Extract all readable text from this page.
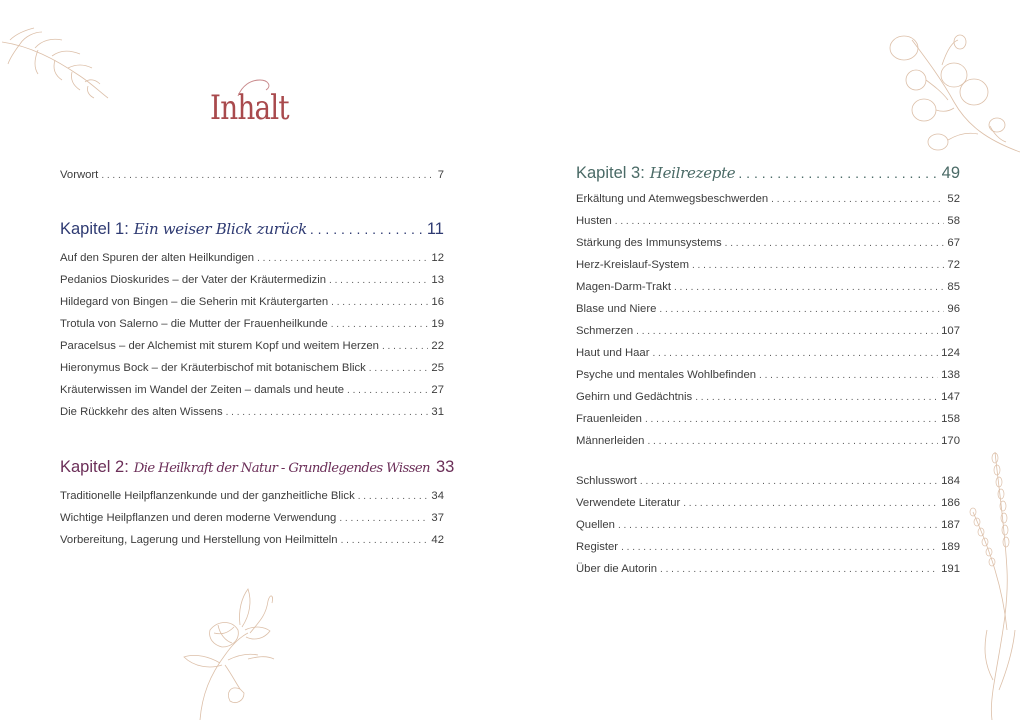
Inhalt
Vorwort . . .	7
Kapitel 1: Ein weiser Blick zurück . . .	11
Auf den Spuren der alten Heilkundigen . . .	12
Pedanios Dioskurides – der Vater der Kräutermedizin . . .	13
Hildegard von Bingen – die Seherin mit Kräutergarten . . .	16
Trotula von Salerno – die Mutter der Frauenheilkunde . . .	19
Paracelsus – der Alchemist mit sturem Kopf und weitem Herzen . . .	22
Hieronymus Bock – der Kräuterbischof mit botanischem Blick . . .	25
Kräuterwissen im Wandel der Zeiten – damals und heute . . .	27
Die Rückkehr des alten Wissens . . .	31
Kapitel 2: Die Heilkraft der Natur - Grundlegendes Wissen 33
Traditionelle Heilpflanzenkunde und der ganzheitliche Blick . . .	34
Wichtige Heilpflanzen und deren moderne Verwendung . . .	37
Vorbereitung, Lagerung und Herstellung von Heilmitteln . . .	42
Kapitel 3: Heilrezepte . . .	49
Erkältung und Atemwegsbeschwerden . . .	52
Husten . . .	58
Stärkung des Immunsystems . . .	67
Herz-Kreislauf-System . . .	72
Magen-Darm-Trakt . . .	85
Blase und Niere . . .	96
Schmerzen . . .	107
Haut und Haar . . .	124
Psyche und mentales Wohlbefinden . . .	138
Gehirn und Gedächtnis . . .	147
Frauenleiden . . .	158
Männerleiden . . .	170
Schlusswort . . .	184
Verwendete Literatur . . .	186
Quellen . . .	187
Register . . .	189
Über die Autorin . . .	191
